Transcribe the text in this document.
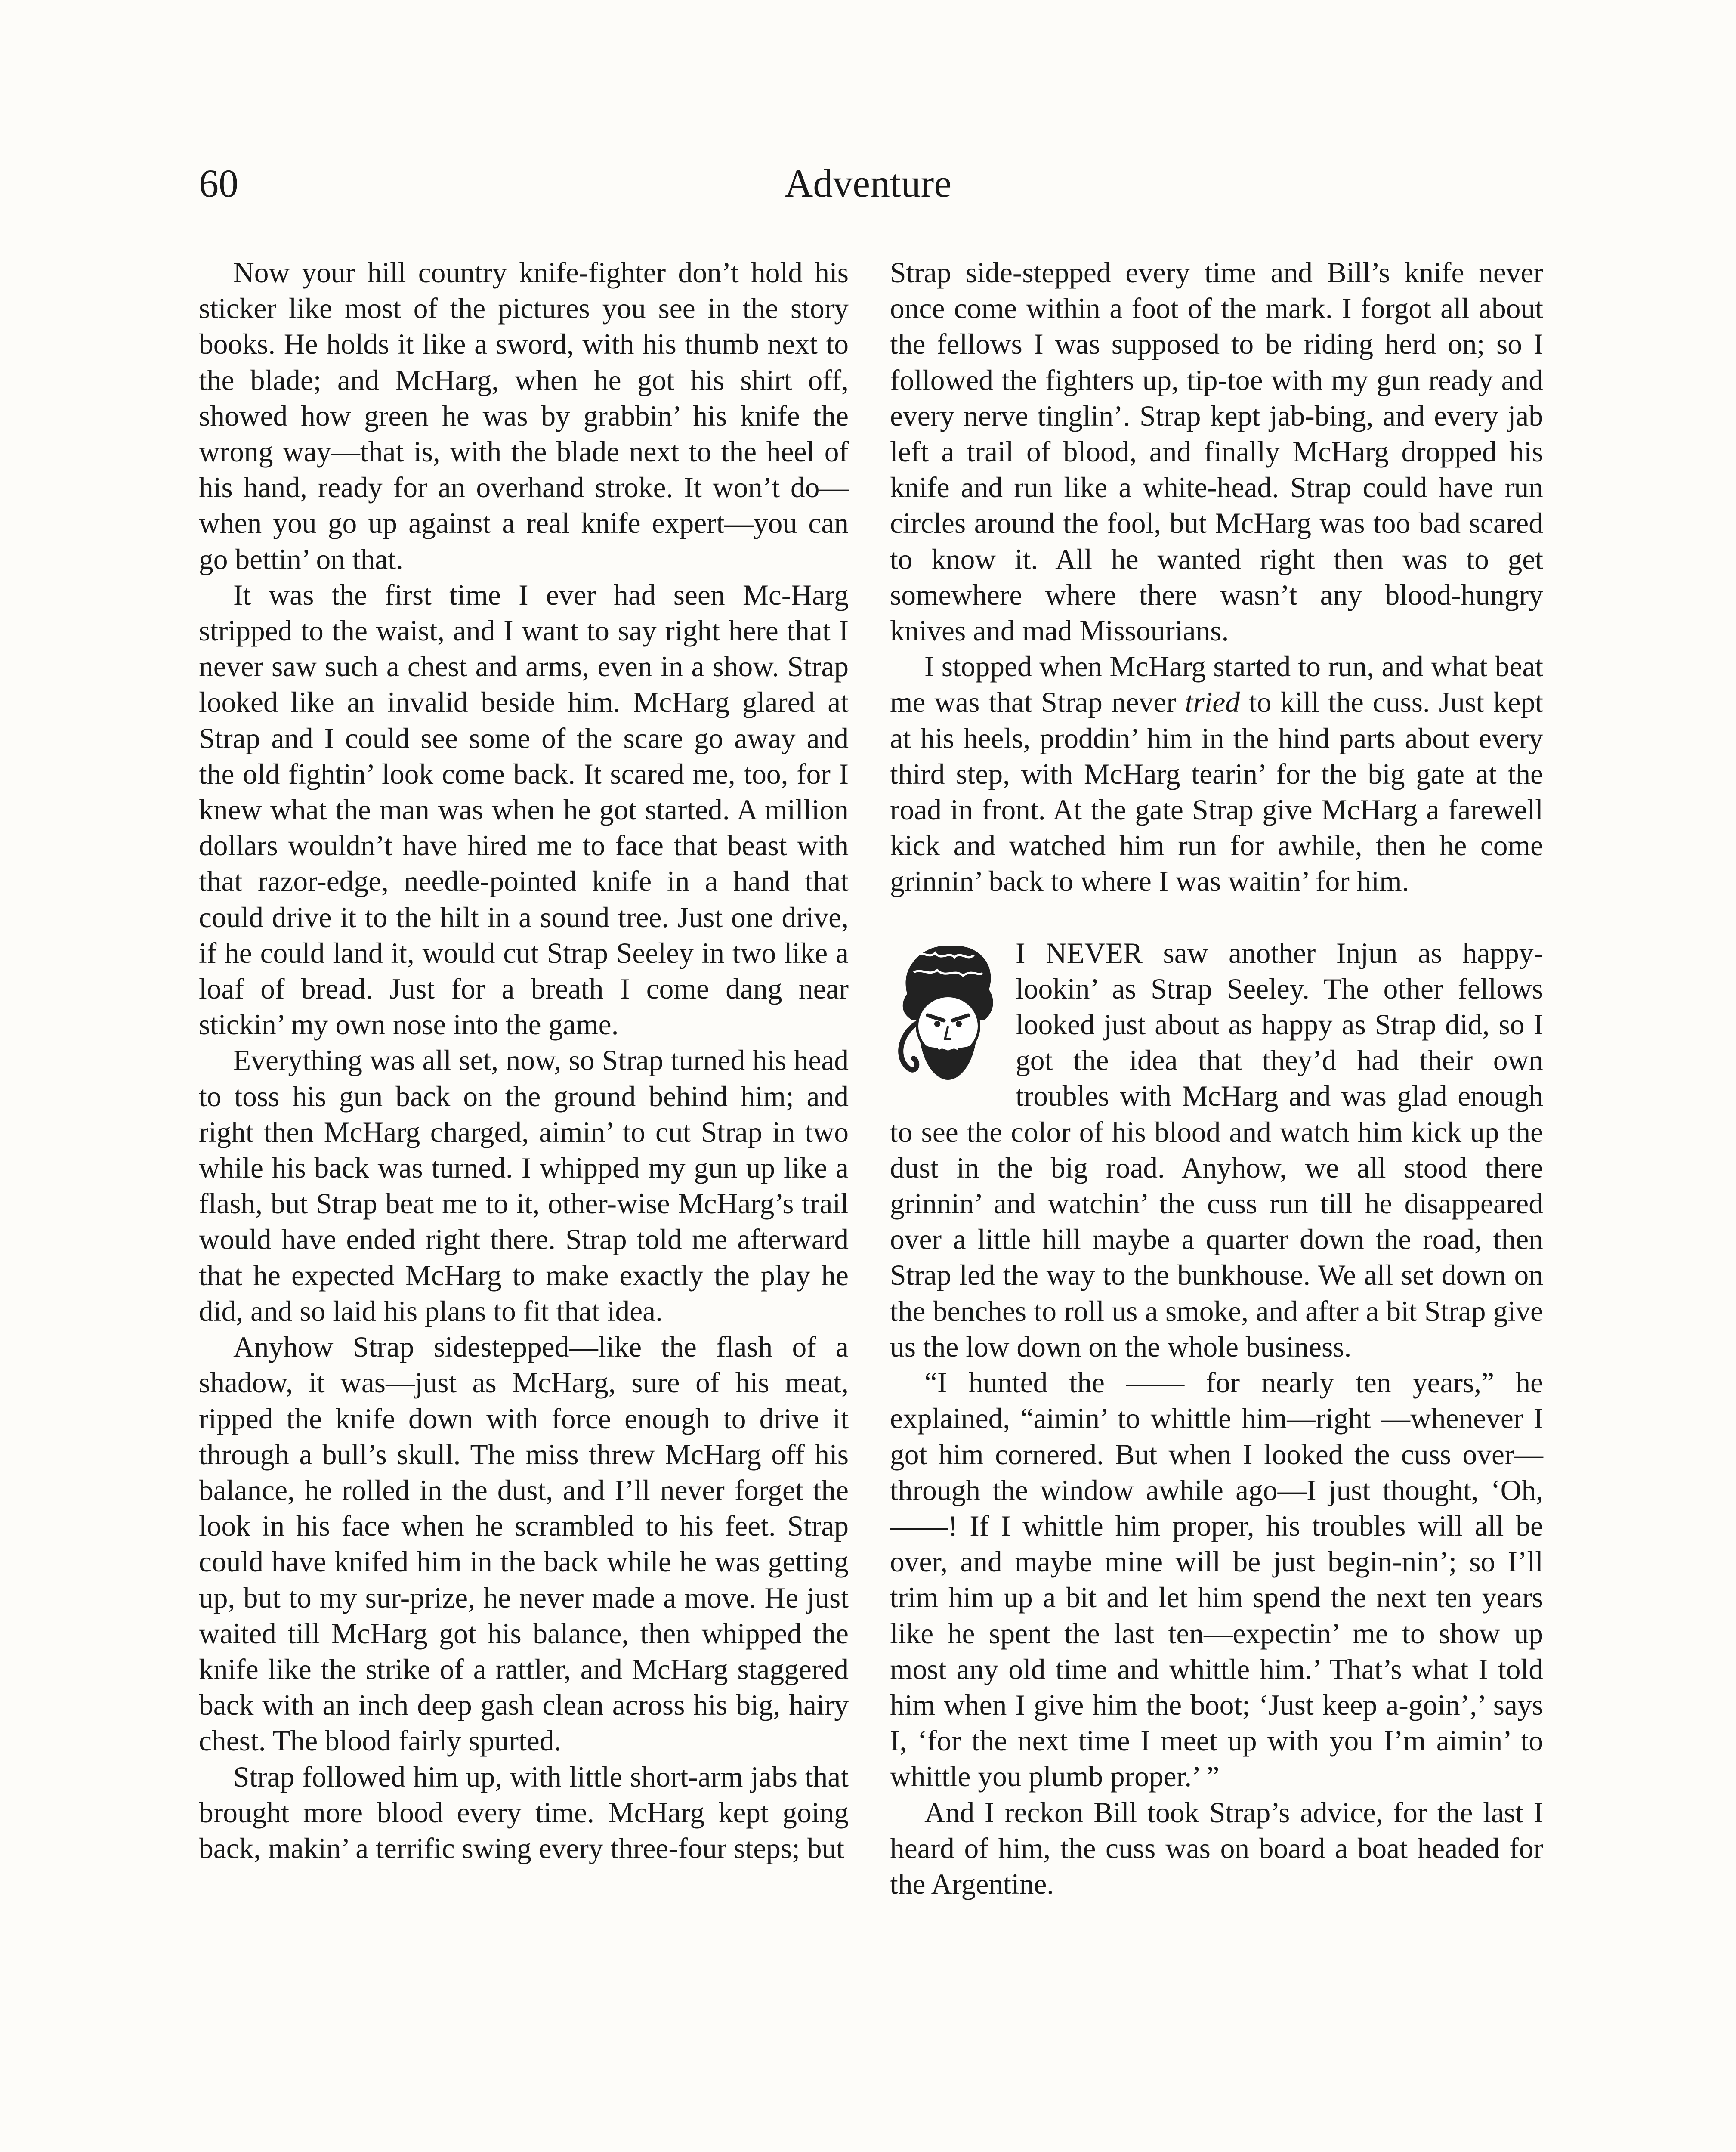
60	Adventure

Now your hill country knife-fighter don’t hold his sticker like most of the pictures you see in the story books. He holds it like a sword, with his thumb next to the blade; and McHarg, when he got his shirt off, showed how green he was by grabbin’ his knife the wrong way—that is, with the blade next to the heel of his hand, ready for an overhand stroke. It won’t do—when you go up against a real knife expert—you can go bettin’ on that.

It was the first time I ever had seen Mc-Harg stripped to the waist, and I want to say right here that I never saw such a chest and arms, even in a show. Strap looked like an invalid beside him. McHarg glared at Strap and I could see some of the scare go away and the old fightin’ look come back. It scared me, too, for I knew what the man was when he got started. A million dollars wouldn’t have hired me to face that beast with that razor-edge, needle-pointed knife in a hand that could drive it to the hilt in a sound tree. Just one drive, if he could land it, would cut Strap Seeley in two like a loaf of bread. Just for a breath I come dang near stickin’ my own nose into the game.

Everything was all set, now, so Strap turned his head to toss his gun back on the ground behind him; and right then McHarg charged, aimin’ to cut Strap in two while his back was turned. I whipped my gun up like a flash, but Strap beat me to it, other-wise McHarg’s trail would have ended right there. Strap told me afterward that he expected McHarg to make exactly the play he did, and so laid his plans to fit that idea.

Anyhow Strap sidestepped—like the flash of a shadow, it was—just as McHarg, sure of his meat, ripped the knife down with force enough to drive it through a bull’s skull. The miss threw McHarg off his balance, he rolled in the dust, and I’ll never forget the look in his face when he scrambled to his feet. Strap could have knifed him in the back while he was getting up, but to my sur-prize, he never made a move. He just waited till McHarg got his balance, then whipped the knife like the strike of a rattler, and McHarg staggered back with an inch deep gash clean across his big, hairy chest. The blood fairly spurted.

Strap followed him up, with little short-arm jabs that brought more blood every time. McHarg kept going back, makin’ a terrific swing every three-four steps; but

Strap side-stepped every time and Bill’s knife never once come within a foot of the mark. I forgot all about the fellows I was supposed to be riding herd on; so I followed the fighters up, tip-toe with my gun ready and every nerve tinglin’. Strap kept jab-bing, and every jab left a trail of blood, and finally McHarg dropped his knife and run like a white-head. Strap could have run circles around the fool, but McHarg was too bad scared to know it. All he wanted right then was to get somewhere where there wasn’t any blood-hungry knives and mad Missourians.

I stopped when McHarg started to run, and what beat me was that Strap never tried to kill the cuss. Just kept at his heels, proddin’ him in the hind parts about every third step, with McHarg tearin’ for the big gate at the road in front. At the gate Strap give McHarg a farewell kick and watched him run for awhile, then he come grinnin’ back to where I was waitin’ for him.

I NEVER saw another Injun as happy-lookin’ as Strap Seeley. The other fellows looked just about as happy as Strap did, so I got the idea that they’d had their own troubles with McHarg and was glad enough to see the color of his blood and watch him kick up the dust in the big road. Anyhow, we all stood there grinnin’ and watchin’ the cuss run till he disappeared over a little hill maybe a quarter down the road, then Strap led the way to the bunkhouse. We all set down on the benches to roll us a smoke, and after a bit Strap give us the low down on the whole business.

“I hunted the —— for nearly ten years,” he explained, “aimin’ to whittle him—right —whenever I got him cornered. But when I looked the cuss over—through the window awhile ago—I just thought, ‘Oh, ——! If I whittle him proper, his troubles will all be over, and maybe mine will be just begin-nin’; so I’ll trim him up a bit and let him spend the next ten years like he spent the last ten—expectin’ me to show up most any old time and whittle him.’ That’s what I told him when I give him the boot; ‘Just keep a-goin’,’ says I, ‘for the next time I meet up with you I’m aimin’ to whittle you plumb proper.’ ”

And I reckon Bill took Strap’s advice, for the last I heard of him, the cuss was on board a boat headed for the Argentine.
